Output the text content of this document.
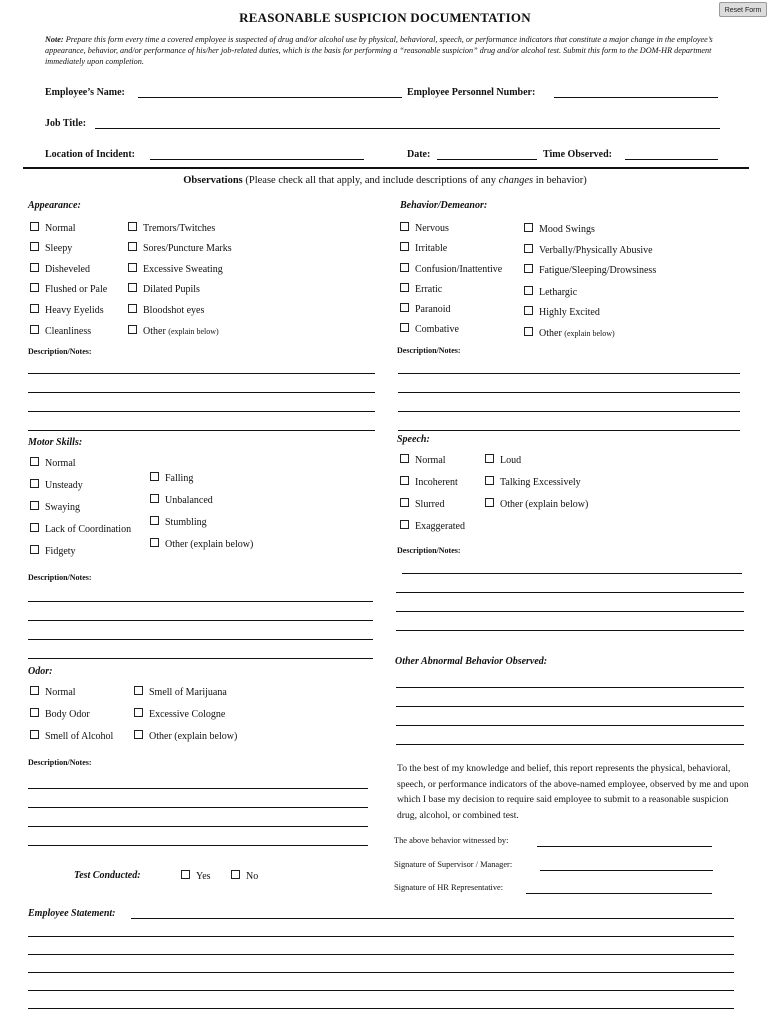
Reset Form
REASONABLE SUSPICION DOCUMENTATION
Note: Prepare this form every time a covered employee is suspected of drug and/or alcohol use by physical, behavioral, speech, or performance indicators that constitute a major change in the employee’s appearance, behavior, and/or performance of his/her job-related duties, which is the basis for performing a “reasonable suspicion” drug and/or alcohol test. Submit this form to the DOM-HR department immediately upon completion.
Employee’s Name:	Employee Personnel Number:
Job Title:
Location of Incident:	Date:	Time Observed:
Observations (Please check all that apply, and include descriptions of any changes in behavior)
Appearance:
Normal
Sleepy
Disheveled
Flushed or Pale
Heavy Eyelids
Cleanliness
Tremors/Twitches
Sores/Puncture Marks
Excessive Sweating
Dilated Pupils
Bloodshot eyes
Other (explain below)
Description/Notes:
Behavior/Demeanor:
Nervous
Irritable
Confusion/Inattentive
Erratic
Paranoid
Combative
Mood Swings
Verbally/Physically Abusive
Fatigue/Sleeping/Drowsiness
Lethargic
Highly Excited
Other (explain below)
Description/Notes:
Motor Skills:
Normal
Unsteady
Swaying
Lack of Coordination
Fidgety
Falling
Unbalanced
Stumbling
Other (explain below)
Description/Notes:
Speech:
Normal
Incoherent
Slurred
Exaggerated
Loud
Talking Excessively
Other (explain below)
Description/Notes:
Odor:
Normal
Body Odor
Smell of Alcohol
Smell of Marijuana
Excessive Cologne
Other (explain below)
Description/Notes:
Other Abnormal Behavior Observed:
To the best of my knowledge and belief, this report represents the physical, behavioral, speech, or performance indicators of the above-named employee, observed by me and upon which I base my decision to require said employee to submit to a reasonable suspicion drug, alcohol, or combined test.
The above behavior witnessed by:
Signature of Supervisor / Manager:
Signature of HR Representative:
Test Conducted:	Yes	No
Employee Statement:
